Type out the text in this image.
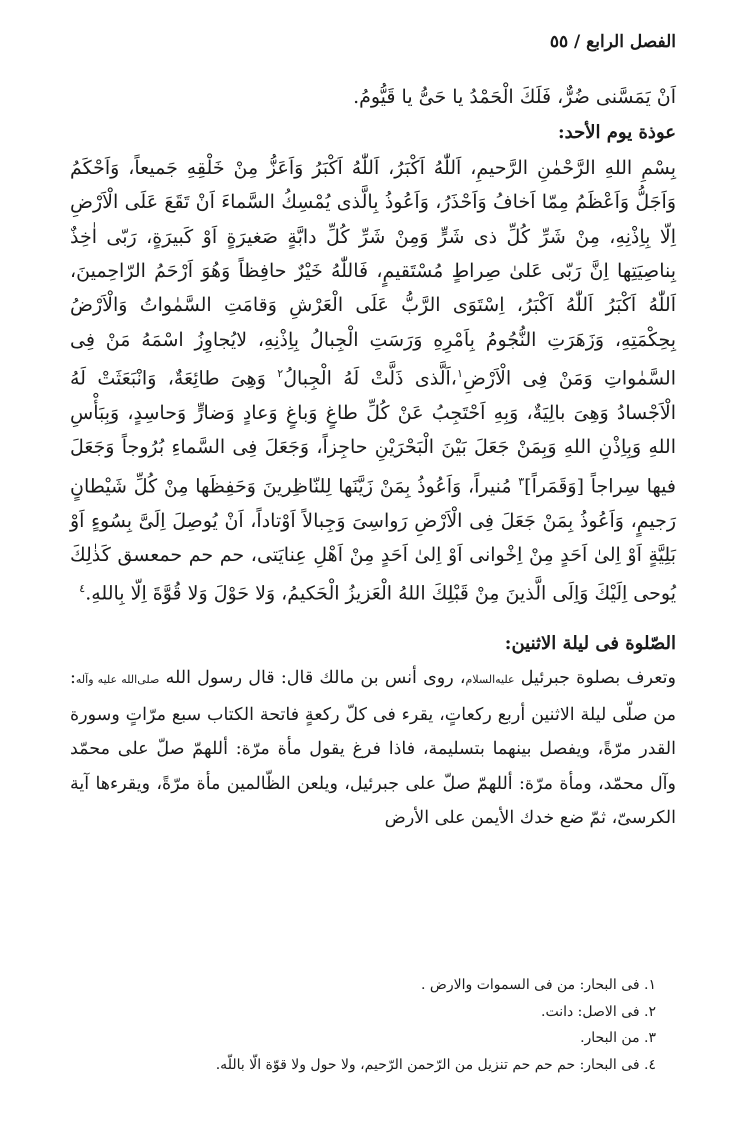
الفصل الرابع / ٥٥

اَنْ يَمَسَّنى ضُرٌّ، فَلَكَ الْحَمْدُ يا حَىُّ يا قَيُّومُ.

عوذة يوم الأحد:

بِسْمِ اللهِ الرَّحْمٰنِ الرَّحيمِ، اَللّٰهُ اَكْبَرُ، اَللّٰهُ اَكْبَرُ وَاَعَزُّ مِنْ خَلْقِهِ جَميعاً، وَاَحْكَمُ وَاَجَلُّ وَاَعْظَمُ مِمّا اَخافُ وَاَحْذَرُ، وَاَعُوذُ بِالَّذى يُمْسِكُ السَّماءَ اَنْ تَقَعَ عَلَى الْاَرْضِ اِلّا بِاِذْنِهِ، مِنْ شَرِّ كُلِّ ذى شَرٍّ وَمِنْ شَرِّ كُلِّ دابَّةٍ صَغيرَةٍ اَوْ كَبيرَةٍ، رَبّى اٰخِذٌ بِناصِيَتِها اِنَّ رَبّى عَلىٰ صِراطٍ مُسْتَقيمٍ، فَاللّٰهُ خَيْرٌ حافِظاً وَهُوَ اَرْحَمُ الرّاحِمينَ، اَللّٰهُ اَكْبَرُ اَللّٰهُ اَكْبَرُ، اِسْتَوَى الرَّبُّ عَلَى الْعَرْشِ وَقامَتِ السَّمٰواتُ وَالْاَرْضُ بِحِكْمَتِهِ، وَزَهَرَتِ النُّجُومُ بِاَمْرِهِ وَرَسَتِ الْجِبالُ بِاِذْنِهِ، لايُجاوِزُ اسْمَهُ مَنْ فِى السَّمٰواتِ وَمَنْ فِى الْاَرْضِ$^١$،اَلَّذى ذَلَّتْ لَهُ الْجِبالُ$^٢$ وَهِىَ طائِعَةٌ، وَانْبَعَثَتْ لَهُ الْاَجْسادُ وَهِىَ بالِيَةٌ، وَبِهِ اَحْتَجِبُ عَنْ كُلِّ طاغٍ وَباغٍ وَعادٍ وَضارٍّ وَحاسِدٍ، وَبِبَأْسِ اللهِ وَبِاِذْنِ اللهِ وَبِمَنْ جَعَلَ بَيْنَ الْبَحْرَيْنِ حاجِزاً، وَجَعَلَ فِى السَّماءِ بُرُوجاً وَجَعَلَ فيها سِراجاً [وَقَمَراً]$^٣$ مُنيراً، وَاَعُوذُ بِمَنْ زَيَّنَها لِلنّاظِرينَ وَحَفِظَها مِنْ كُلِّ شَيْطانٍ رَجيمٍ، وَاَعُوذُ بِمَنْ جَعَلَ فِى الْاَرْضِ رَواسِىَ وَجِبالاً اَوْتاداً، اَنْ يُوصِلَ اِلَىَّ بِسُوءٍ اَوْ بَلِيَّةٍ اَوْ اِلىٰ اَحَدٍ مِنْ اِخْوانى اَوْ اِلىٰ اَحَدٍ مِنْ اَهْلِ عِنايَتى، حم حم حمعسق كَذٰلِكَ يُوحى اِلَيْكَ وَاِلَى الَّذينَ مِنْ قَبْلِكَ اللهُ الْعَزيزُ الْحَكيمُ، وَلا حَوْلَ وَلا قُوَّةَ اِلّا بِاللهِ.$^٤$

الصّلوة فى ليلة الاثنين:

وتعرف بصلوة جبرئيل عليه‌السلام، روى أنس بن مالك قال: قال رسول الله صلى‌الله‌ عليه ‌وآله: من صلّى ليلة الاثنين أربع ركعاتٍ، يقرء فى كلّ ركعةٍ فاتحة الكتاب سبع مرّاتٍ وسورة القدر مرّةً، ويفصل بينهما بتسليمة، فاذا فرغ يقول مأة مرّة: أللهمّ صلّ على محمّد وآل محمّد، ومأة مرّة: أللهمّ صلّ على جبرئيل، ويلعن الظّالمين مأة مرّةً، ويقرءها آية الكرسىّ، ثمّ ضع خدك الأيمن على الأرض

١. فى البحار: من فى السموات والارض .
٢. فى الاصل: دانت.
٣. من البحار.
٤. فى البحار: حم حم حم تنزيل من الرّحمن الرّحيم، ولا حول ولا قوّة الّا باللّه.
